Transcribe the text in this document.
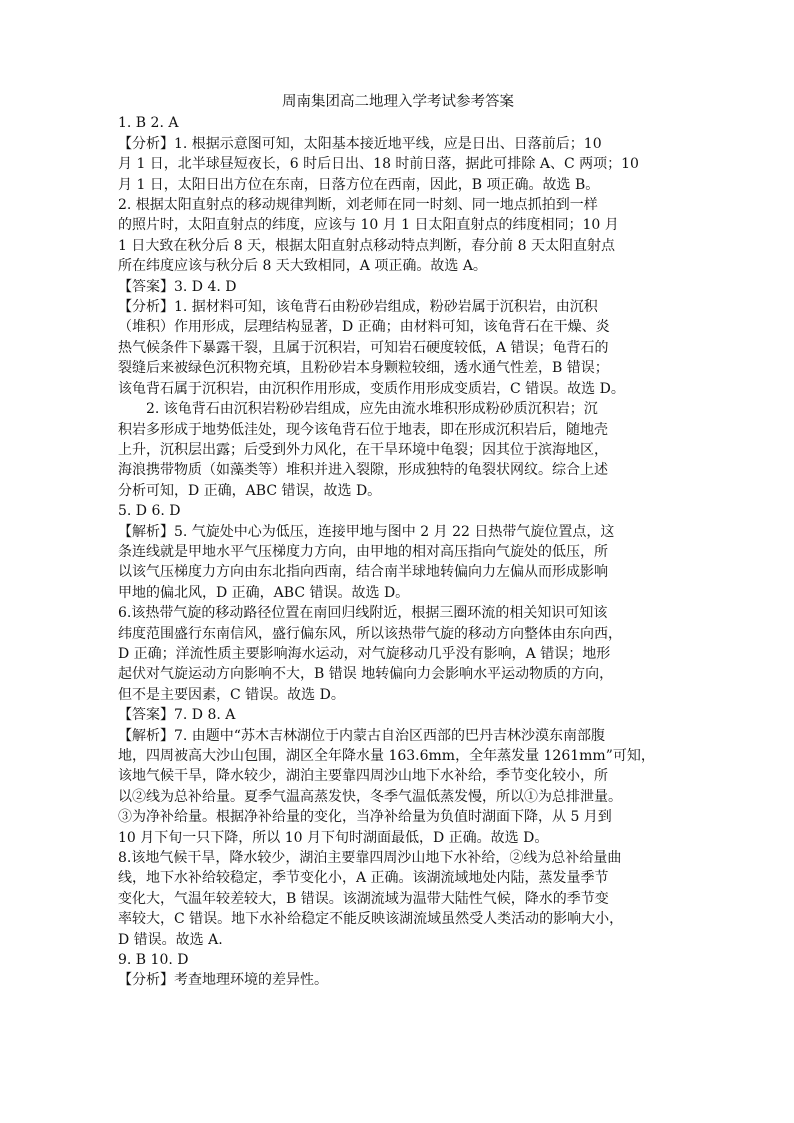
周南集团高二地理入学考试参考答案
1. B 2. A
【分析】1. 根据示意图可知，太阳基本接近地平线，应是日出、日落前后；10
月 1 日，北半球昼短夜长，6 时后日出、18 时前日落，据此可排除 A、C 两项；10
月 1 日，太阳日出方位在东南，日落方位在西南，因此，B 项正确。故选 B。
2. 根据太阳直射点的移动规律判断，刘老师在同一时刻、同一地点抓拍到一样
的照片时，太阳直射点的纬度，应该与 10 月 1 日太阳直射点的纬度相同；10 月
1 日大致在秋分后 8 天，根据太阳直射点移动特点判断，春分前 8 天太阳直射点
所在纬度应该与秋分后 8 天大致相同，A 项正确。故选 A。
【答案】3. D 4. D
【分析】1. 据材料可知，该龟背石由粉砂岩组成，粉砂岩属于沉积岩，由沉积
（堆积）作用形成，层理结构显著，D 正确；由材料可知，该龟背石在干燥、炎
热气候条件下暴露干裂，且属于沉积岩，可知岩石硬度较低，A 错误；龟背石的
裂缝后来被绿色沉积物充填，且粉砂岩本身颗粒较细，透水通气性差，B 错误；
该龟背石属于沉积岩，由沉积作用形成，变质作用形成变质岩，C 错误。故选 D。
2. 该龟背石由沉积岩粉砂岩组成，应先由流水堆积形成粉砂质沉积岩；沉
积岩多形成于地势低洼处，现今该龟背石位于地表，即在形成沉积岩后，随地壳
上升，沉积层出露；后受到外力风化，在干旱环境中龟裂；因其位于滨海地区，
海浪携带物质（如藻类等）堆积并进入裂隙，形成独特的龟裂状网纹。综合上述
分析可知，D 正确，ABC 错误，故选 D。
5. D 6. D
【解析】5. 气旋处中心为低压，连接甲地与图中 2 月 22 日热带气旋位置点，这
条连线就是甲地水平气压梯度力方向，由甲地的相对高压指向气旋处的低压，所
以该气压梯度力方向由东北指向西南，结合南半球地转偏向力左偏从而形成影响
甲地的偏北风，D 正确，ABC 错误。故选 D。
6.该热带气旋的移动路径位置在南回归线附近，根据三圈环流的相关知识可知该
纬度范围盛行东南信风，盛行偏东风，所以该热带气旋的移动方向整体由东向西，
D 正确；洋流性质主要影响海水运动，对气旋移动几乎没有影响，A 错误；地形
起伏对气旋运动方向影响不大，B 错误 地转偏向力会影响水平运动物质的方向，
但不是主要因素，C 错误。故选 D。
【答案】7. D 8. A
【解析】7. 由题中“苏木吉林湖位于内蒙古自治区西部的巴丹吉林沙漠东南部腹
地，四周被高大沙山包围，湖区全年降水量 163.6mm，全年蒸发量 1261mm”可知，
该地气候干旱，降水较少，湖泊主要靠四周沙山地下水补给，季节变化较小，所
以②线为总补给量。夏季气温高蒸发快，冬季气温低蒸发慢，所以①为总排泄量。
③为净补给量。根据净补给量的变化，当净补给量为负值时湖面下降，从 5 月到
10 月下旬一只下降，所以 10 月下旬时湖面最低，D 正确。故选 D。
8.该地气候干旱，降水较少，湖泊主要靠四周沙山地下水补给，②线为总补给量曲
线，地下水补给较稳定，季节变化小，A 正确。该湖流域地处内陆，蒸发量季节
变化大，气温年较差较大，B 错误。该湖流域为温带大陆性气候，降水的季节变
率较大，C 错误。地下水补给稳定不能反映该湖流域虽然受人类活动的影响大小，
D 错误。故选 A.
9. B 10. D
【分析】考查地理环境的差异性。
